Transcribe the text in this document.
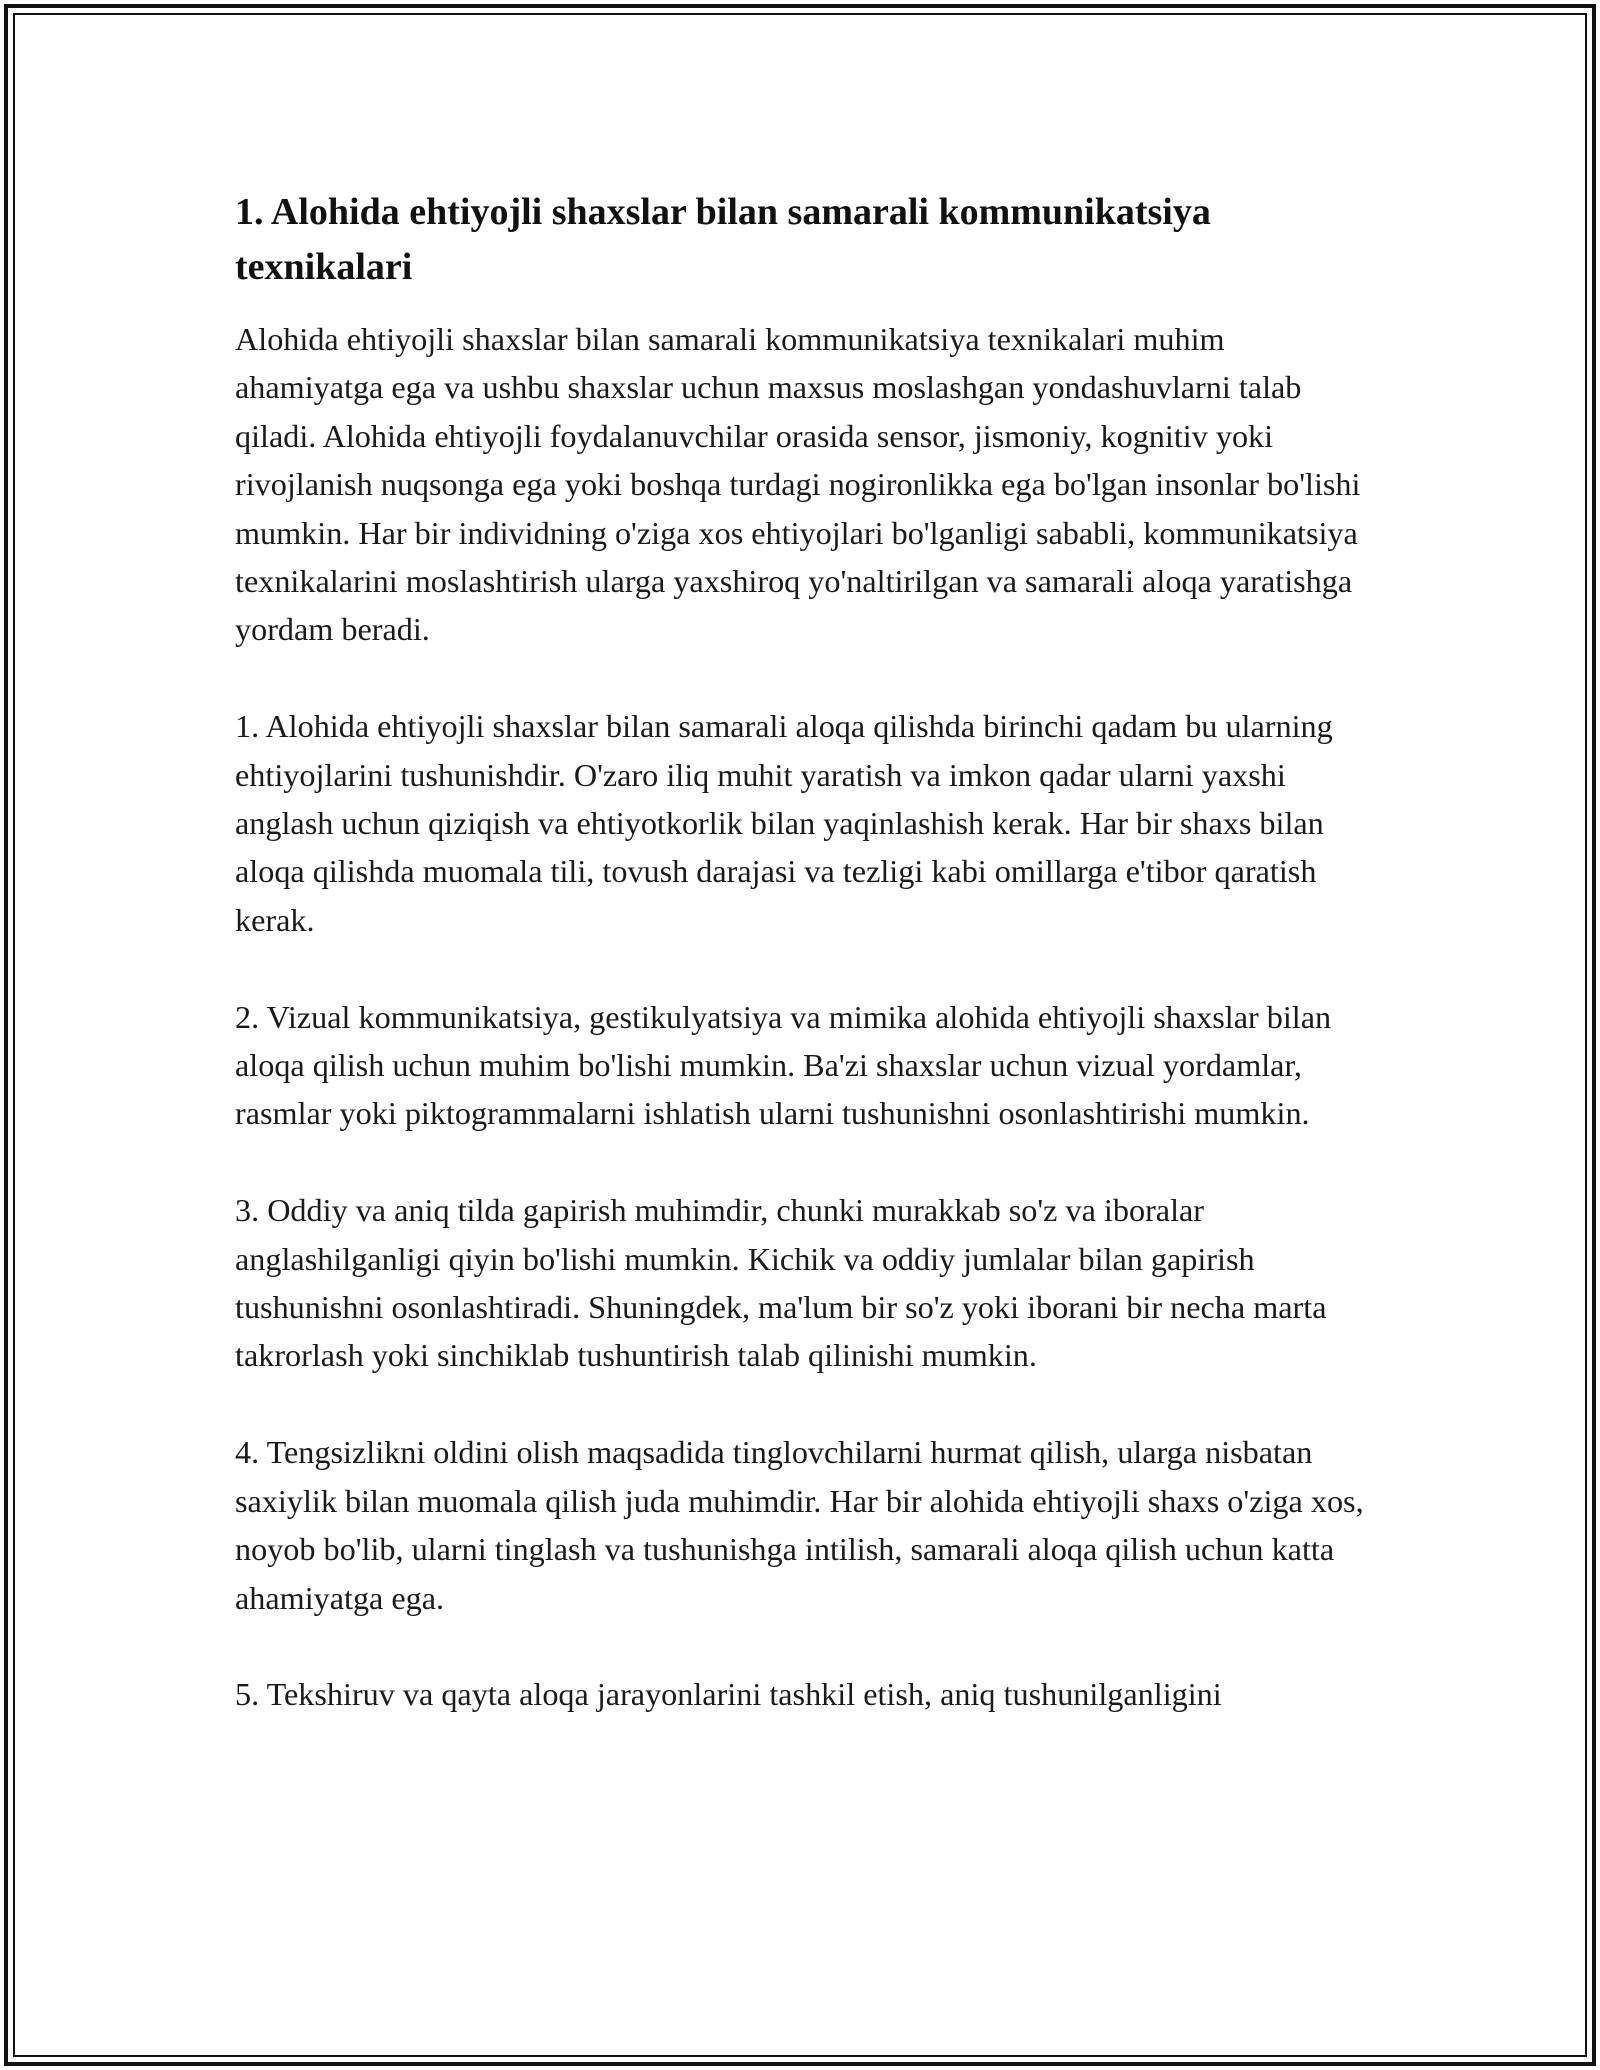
1. Alohida ehtiyojli shaxslar bilan samarali kommunikatsiya texnikalari

Alohida ehtiyojli shaxslar bilan samarali kommunikatsiya texnikalari muhim ahamiyatga ega va ushbu shaxslar uchun maxsus moslashgan yondashuvlarni talab qiladi. Alohida ehtiyojli foydalanuvchilar orasida sensor, jismoniy, kognitiv yoki rivojlanish nuqsonga ega yoki boshqa turdagi nogironlikka ega bo'lgan insonlar bo'lishi mumkin. Har bir individning o'ziga xos ehtiyojlari bo'lganligi sababli, kommunikatsiya texnikalarini moslashtirish ularga yaxshiroq yo'naltirilgan va samarali aloqa yaratishga yordam beradi.

1. Alohida ehtiyojli shaxslar bilan samarali aloqa qilishda birinchi qadam bu ularning ehtiyojlarini tushunishdir. O'zaro iliq muhit yaratish va imkon qadar ularni yaxshi anglash uchun qiziqish va ehtiyotkorlik bilan yaqinlashish kerak. Har bir shaxs bilan aloqa qilishda muomala tili, tovush darajasi va tezligi kabi omillarga e'tibor qaratish kerak.

2. Vizual kommunikatsiya, gestikulyatsiya va mimika alohida ehtiyojli shaxslar bilan aloqa qilish uchun muhim bo'lishi mumkin. Ba'zi shaxslar uchun vizual yordamlar, rasmlar yoki piktogrammalarni ishlatish ularni tushunishni osonlashtirishi mumkin.

3. Oddiy va aniq tilda gapirish muhimdir, chunki murakkab so'z va iboralar anglashilganligi qiyin bo'lishi mumkin. Kichik va oddiy jumlalar bilan gapirish tushunishni osonlashtiradi. Shuningdek, ma'lum bir so'z yoki iborani bir necha marta takrorlash yoki sinchiklab tushuntirish talab qilinishi mumkin.

4. Tengsizlikni oldini olish maqsadida tinglovchilarni hurmat qilish, ularga nisbatan saxiylik bilan muomala qilish juda muhimdir. Har bir alohida ehtiyojli shaxs o'ziga xos, noyob bo'lib, ularni tinglash va tushunishga intilish, samarali aloqa qilish uchun katta ahamiyatga ega.

5. Tekshiruv va qayta aloqa jarayonlarini tashkil etish, aniq tushunilganligini
